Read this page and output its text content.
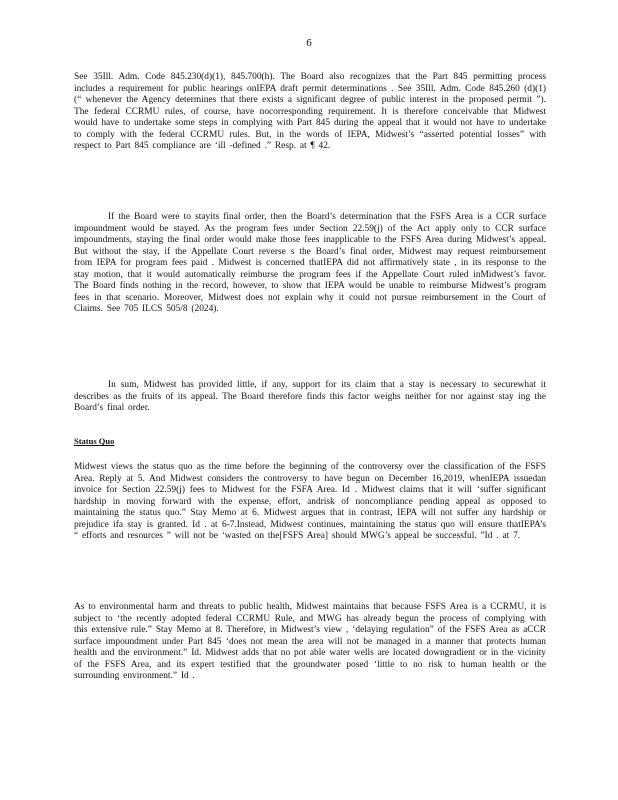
6

See 35Ill. Adm. Code 845.230(d)(1), 845.700(h). The Board also recognizes that the Part 845 permitting process includes a requirement for public hearings onIEPA draft permit determinations . See 35Ill. Adm. Code 845.260 (d)(1) (“ whenever the Agency determines that there exists a significant degree of public interest in the proposed permit ”). The federal CCRMU rules, of course, have nocorresponding requirement. It is therefore conceivable that Midwest would have to undertake some steps in complying with Part 845 during the appeal that it would not have to undertake to comply with the federal CCRMU rules. But, in the words of IEPA, Midwest’s “asserted potential losses” with respect to Part 845 compliance are ‘ill -defined .” Resp. at ¶ 42.

If the Board were to stayits final order, then the Board’s determination that the FSFS Area is a CCR surface impoundment would be stayed. As the program fees under Section 22.59(j) of the Act apply only to CCR surface impoundments, staying the final order would make those fees inapplicable to the FSFS Area during Midwest’s appeal. But without the stay, if the Appellate Court reverse s the Board’s final order, Midwest may request reimbursement from IEPA for program fees paid . Midwest is concerned thatIEPA did not affirmatively state , in its response to the stay motion, that it would automatically reimburse the program fees if the Appellate Court ruled inMidwest’s favor. The Board finds nothing in the record, however, to show that IEPA would be unable to reimburse Midwest’s program fees in that scenario. Moreover, Midwest does not explain why it could not pursue reimbursement in the Court of Claims. See 705 ILCS 505/8 (2024).

In sum, Midwest has provided little, if any, support for its claim that a stay is necessary to securewhat it describes as the fruits of its appeal. The Board therefore finds this factor weighs neither for nor against stay ing the Board’s final order.

Status Quo

Midwest views the status quo as the time before the beginning of the controversy over the classification of the FSFS Area. Reply at 5. And Midwest considers the controversy to have begun on December 16,2019, whenIEPA issuedan invoice for Section 22.59(j) fees to Midwest for the FSFA Area. Id . Midwest claims that it will ‘suffer significant hardship in moving forward with the expense, effort, andrisk of noncompliance pending appeal as opposed to maintaining the status quo.” Stay Memo at 6. Midwest argues that in contrast, IEPA will not suffer any hardship or prejudice ifa stay is granted. Id . at 6-7.Instead, Midwest continues, maintaining the status quo will ensure thatIEPA’s “ efforts and resources ” will not be ‘wasted on the[FSFS Area] should MWG’s appeal be successful. ”Id . at 7.

As to environmental harm and threats to public health, Midwest maintains that because FSFS Area is a CCRMU, it is subject to ‘the recently adopted federal CCRMU Rule, and MWG has already begun the process of complying with this extensive rule.” Stay Memo at 8. Therefore, in Midwest’s view , ‘delaying regulation” of the FSFS Area as aCCR surface impoundment under Part 845 ‘does not mean the area will not be managed in a manner that protects human health and the environment.” Id. Midwest adds that no pot able water wells are located downgradient or in the vicinity of the FSFS Area, and its expert testified that the groundwater posed ‘little to no risk to human health or the surrounding environment.” Id .
